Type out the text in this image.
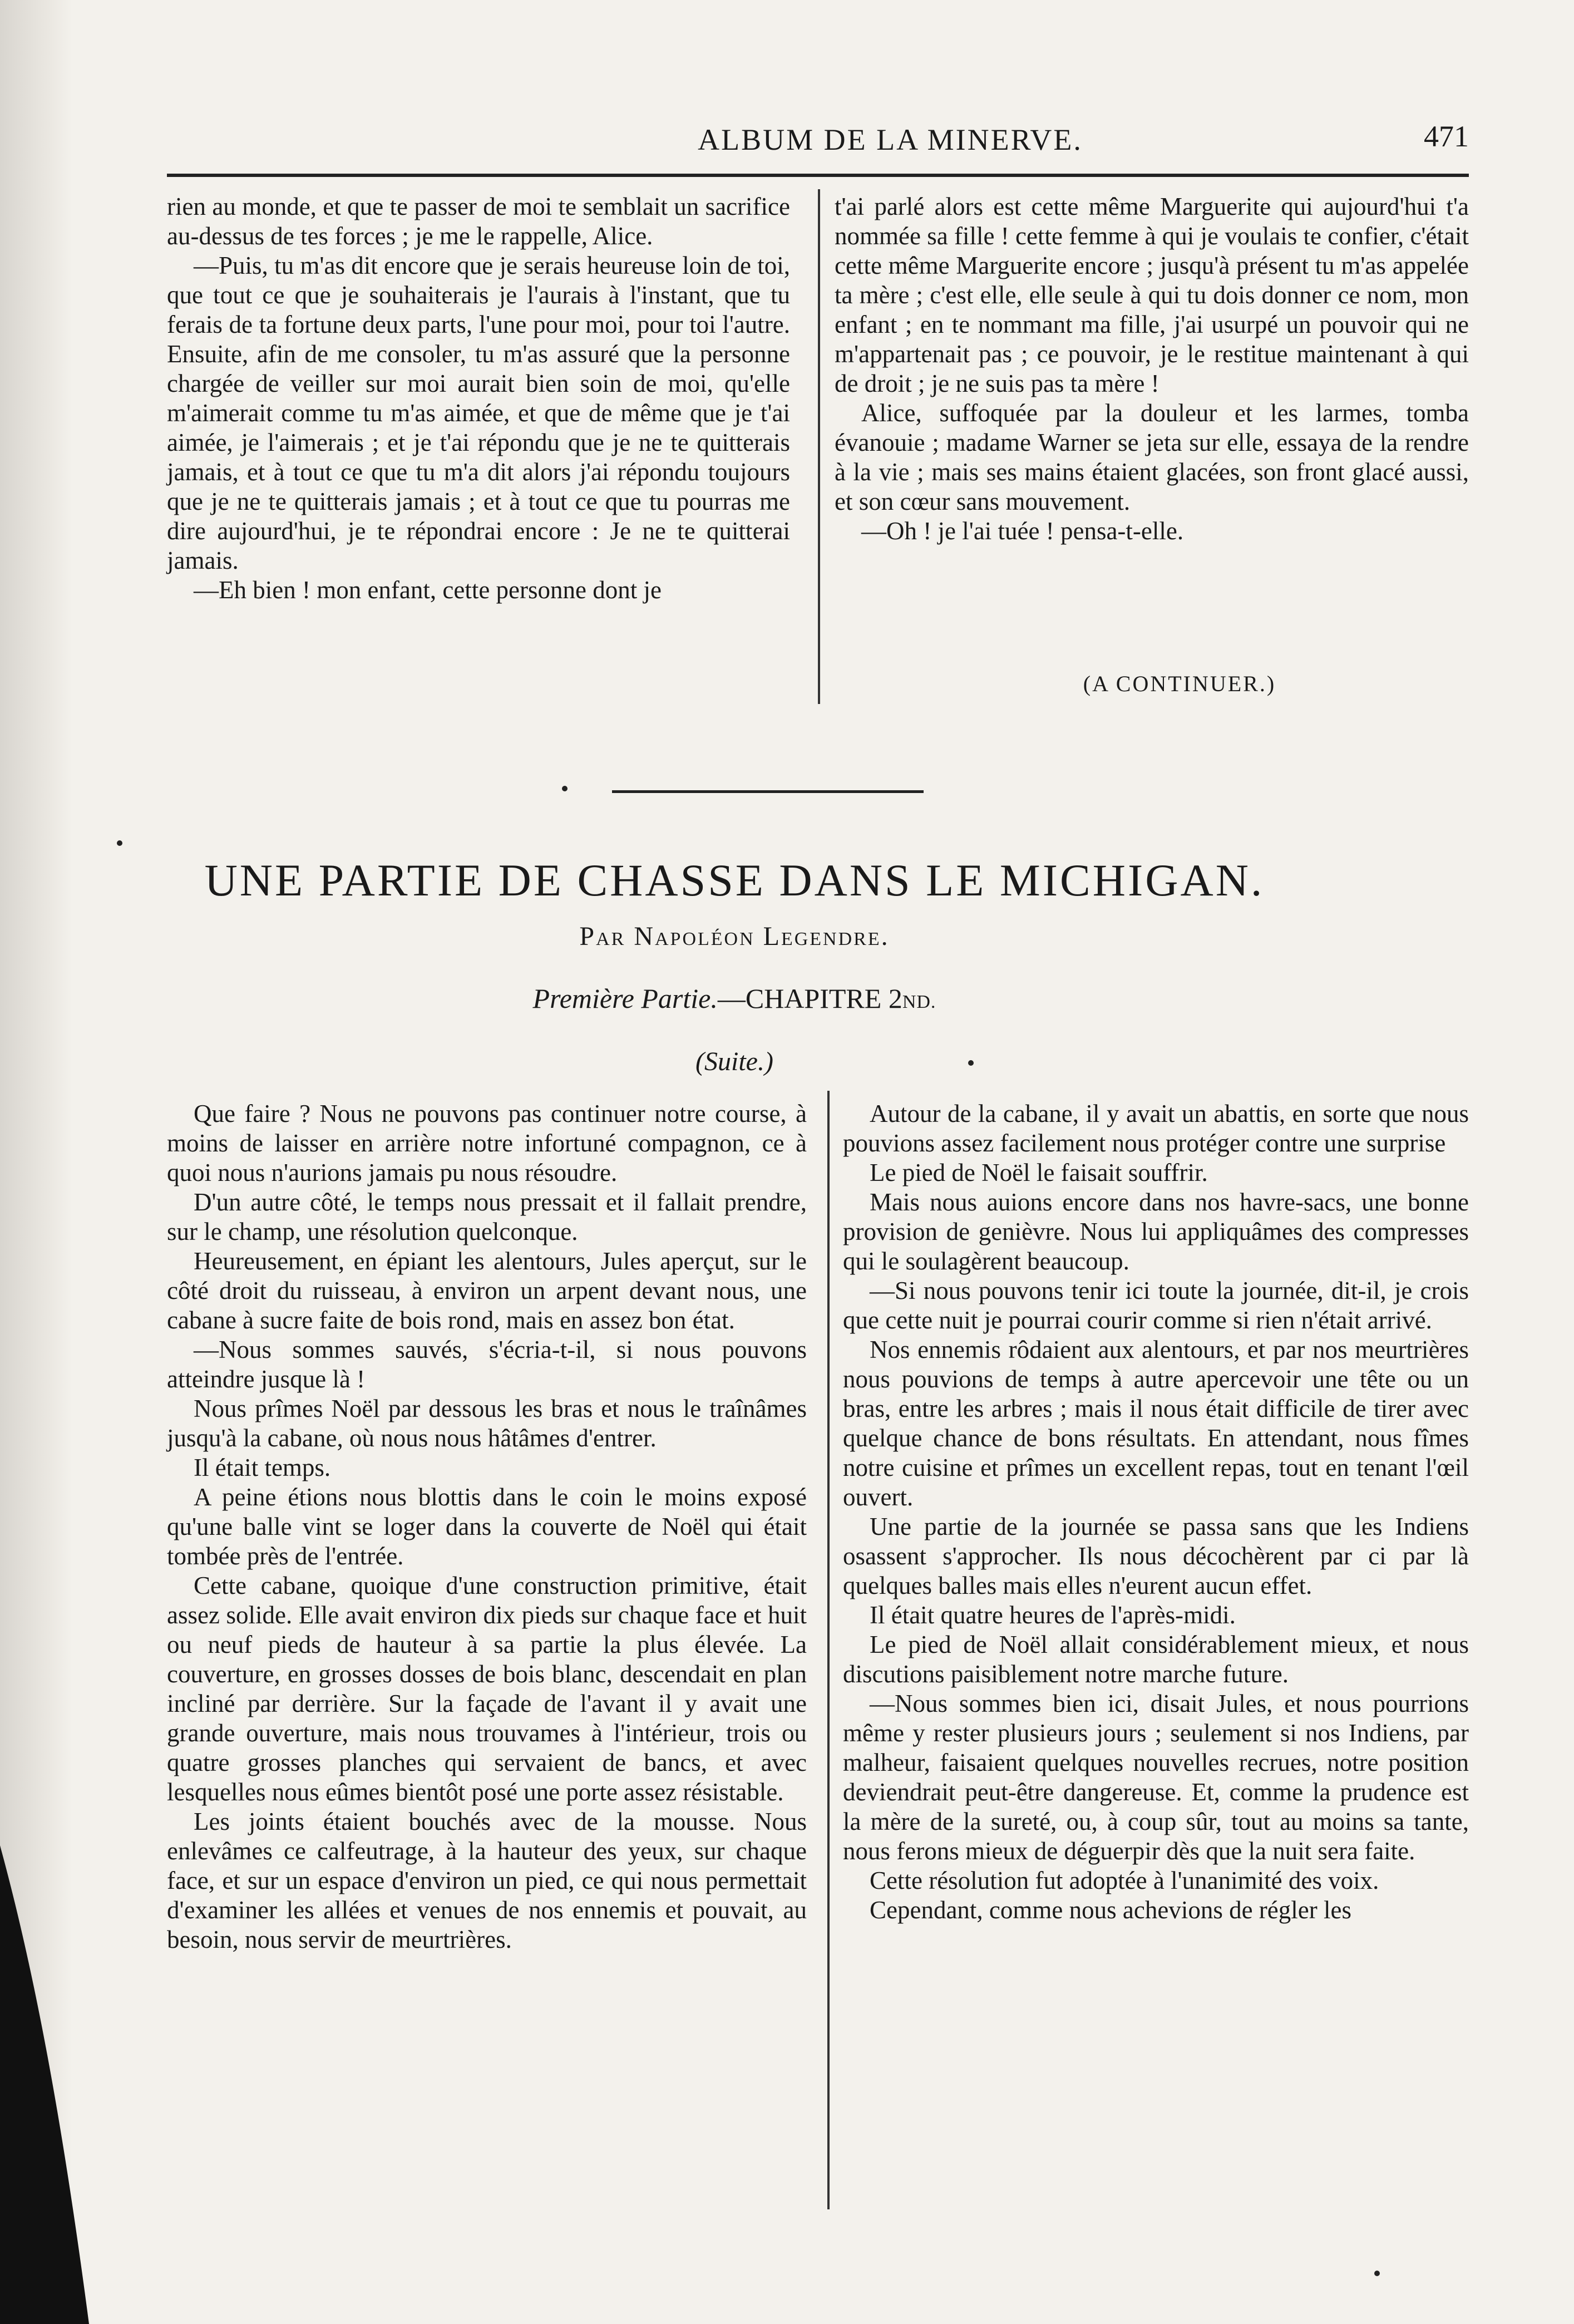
ALBUM DE LA MINERVE.	471

rien au monde, et que te passer de moi te semblait un sacrifice au-dessus de tes forces ; je me le rappelle, Alice.

—Puis, tu m'as dit encore que je serais heureuse loin de toi, que tout ce que je souhaiterais je l'aurais à l'instant, que tu ferais de ta fortune deux parts, l'une pour moi, pour toi l'autre. Ensuite, afin de me consoler, tu m'as assuré que la personne chargée de veiller sur moi aurait bien soin de moi, qu'elle m'aimerait comme tu m'as aimée, et que de même que je t'ai aimée, je l'aimerais ; et je t'ai répondu que je ne te quitterais jamais, et à tout ce que tu m'a dit alors j'ai répondu toujours que je ne te quitterais jamais ; et à tout ce que tu pourras me dire aujourd'hui, je te répondrai encore : Je ne te quitterai jamais.

—Eh bien ! mon enfant, cette personne dont je

t'ai parlé alors est cette même Marguerite qui aujourd'hui t'a nommée sa fille ! cette femme à qui je voulais te confier, c'était cette même Marguerite encore ; jusqu'à présent tu m'as appelée ta mère ; c'est elle, elle seule à qui tu dois donner ce nom, mon enfant ; en te nommant ma fille, j'ai usurpé un pouvoir qui ne m'appartenait pas ; ce pouvoir, je le restitue maintenant à qui de droit ; je ne suis pas ta mère !

Alice, suffoquée par la douleur et les larmes, tomba évanouie ; madame Warner se jeta sur elle, essaya de la rendre à la vie ; mais ses mains étaient glacées, son front glacé aussi, et son cœur sans mouvement.

—Oh ! je l'ai tuée ! pensa-t-elle.

(A CONTINUER.)
UNE PARTIE DE CHASSE DANS LE MICHIGAN.
Par Napoléon Legendre.
Première Partie.—CHAPITRE 2ND.
(Suite.)

Que faire ? Nous ne pouvons pas continuer notre course, à moins de laisser en arrière notre infortuné compagnon, ce à quoi nous n'aurions jamais pu nous résoudre.

D'un autre côté, le temps nous pressait et il fallait prendre, sur le champ, une résolution quelconque.

Heureusement, en épiant les alentours, Jules aperçut, sur le côté droit du ruisseau, à environ un arpent devant nous, une cabane à sucre faite de bois rond, mais en assez bon état.

—Nous sommes sauvés, s'écria-t-il, si nous pouvons atteindre jusque là !

Nous prîmes Noël par dessous les bras et nous le traînâmes jusqu'à la cabane, où nous nous hâtâmes d'entrer.

Il était temps.

A peine étions nous blottis dans le coin le moins exposé qu'une balle vint se loger dans la couverte de Noël qui était tombée près de l'entrée.

Cette cabane, quoique d'une construction primitive, était assez solide. Elle avait environ dix pieds sur chaque face et huit ou neuf pieds de hauteur à sa partie la plus élevée. La couverture, en grosses dosses de bois blanc, descendait en plan incliné par derrière. Sur la façade de l'avant il y avait une grande ouverture, mais nous trouvames à l'intérieur, trois ou quatre grosses planches qui servaient de bancs, et avec lesquelles nous eûmes bientôt posé une porte assez résistable.

Les joints étaient bouchés avec de la mousse. Nous enlevâmes ce calfeutrage, à la hauteur des yeux, sur chaque face, et sur un espace d'environ un pied, ce qui nous permettait d'examiner les allées et venues de nos ennemis et pouvait, au besoin, nous servir de meurtrières.

Autour de la cabane, il y avait un abattis, en sorte que nous pouvions assez facilement nous protéger contre une surprise

Le pied de Noël le faisait souffrir.

Mais nous auions encore dans nos havre-sacs, une bonne provision de genièvre. Nous lui appliquâmes des compresses qui le soulagèrent beaucoup.

—Si nous pouvons tenir ici toute la journée, dit-il, je crois que cette nuit je pourrai courir comme si rien n'était arrivé.

Nos ennemis rôdaient aux alentours, et par nos meurtrières nous pouvions de temps à autre apercevoir une tête ou un bras, entre les arbres ; mais il nous était difficile de tirer avec quelque chance de bons résultats. En attendant, nous fîmes notre cuisine et prîmes un excellent repas, tout en tenant l'œil ouvert.

Une partie de la journée se passa sans que les Indiens osassent s'approcher. Ils nous décochèrent par ci par là quelques balles mais elles n'eurent aucun effet.

Il était quatre heures de l'après-midi.

Le pied de Noël allait considérablement mieux, et nous discutions paisiblement notre marche future.

—Nous sommes bien ici, disait Jules, et nous pourrions même y rester plusieurs jours ; seulement si nos Indiens, par malheur, faisaient quelques nouvelles recrues, notre position deviendrait peut-être dangereuse. Et, comme la prudence est la mère de la sureté, ou, à coup sûr, tout au moins sa tante, nous ferons mieux de déguerpir dès que la nuit sera faite.

Cette résolution fut adoptée à l'unanimité des voix.

Cependant, comme nous achevions de régler les
